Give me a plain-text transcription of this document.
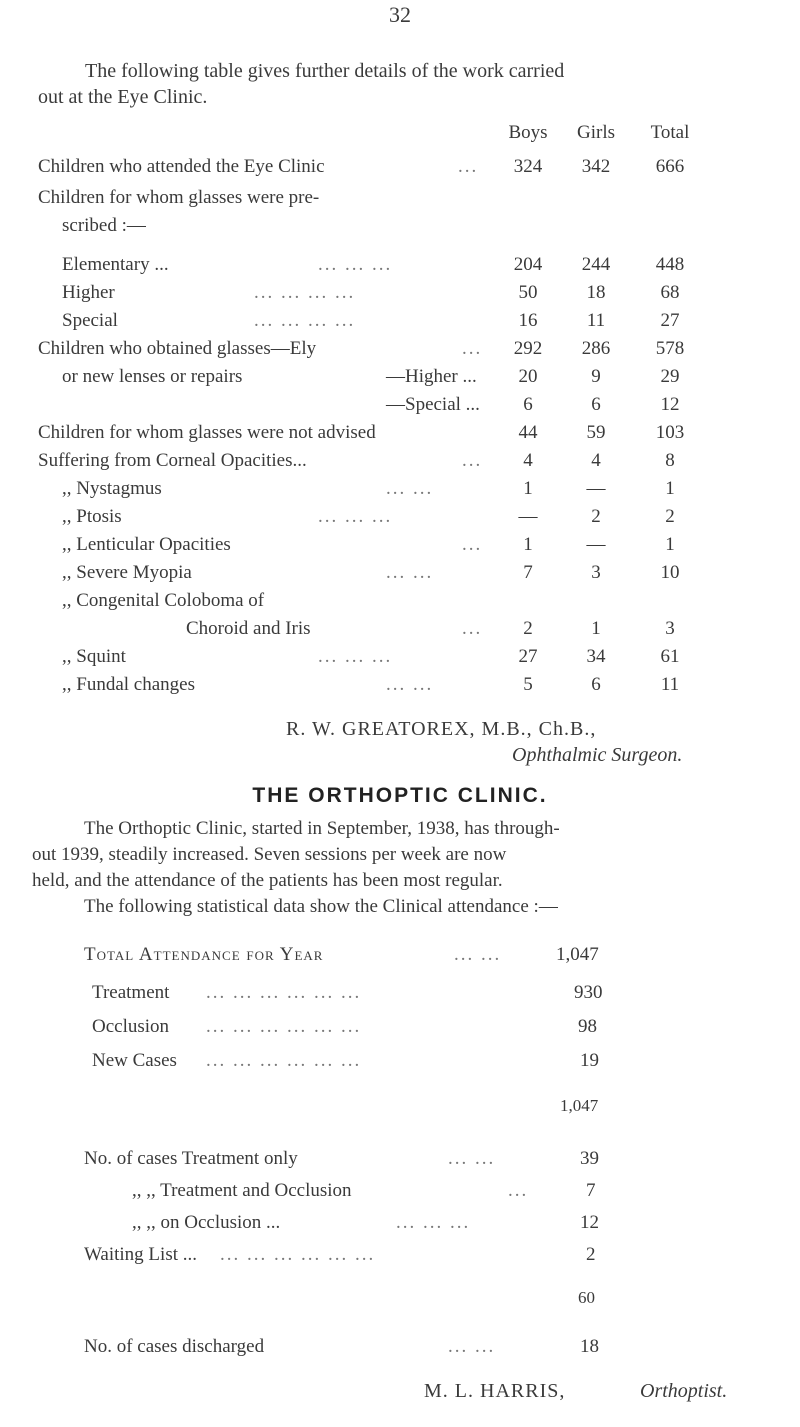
32
The following table gives further details of the work carried
out at the Eye Clinic.
Boys Girls	Total
Children who attended the Eye Clinic	...	324	342	666
Children for whom glasses were pre-
scribed :—
Elementary ...	... ... ...	204	244	448
Higher	... ... ... ...	50	18	68
Special	... ... ... ...	16	11	27
Children who obtained glasses—Ely	...	292	286	578
or new lenses or repairs	—Higher ...	20	9	29
—Special ...	6	6	12
Children for whom glasses were not advised	44	59	103
Suffering from Corneal Opacities...	...	4	4	8
,, Nystagmus	... ...	1	—	1
,, Ptosis	... ... ...	—	2	2
,, Lenticular Opacities	...	1	—	1
,, Severe Myopia	... ...	7	3	10
,, Congenital Coloboma of
Choroid and Iris	...	2	1	3
,, Squint	... ... ...	27	34	61
,, Fundal changes	... ...	5	6	11
R. W. GREATOREX, M.B., Ch.B.,
Ophthalmic Surgeon.
THE ORTHOPTIC CLINIC.
The Orthoptic Clinic, started in September, 1938, has through-
out 1939, steadily increased. Seven sessions per week are now
held, and the attendance of the patients has been most regular.
The following statistical data show the Clinical attendance :—
Total Attendance for Year	... ...	1,047
Treatment ... ... ... ... ... ...	930
Occlusion ... ... ... ... ... ...	98
New Cases ... ... ... ... ... ...	19
1,047
No. of cases Treatment only	... ...	39
,, ,, Treatment and Occlusion	...	7
,, ,, on Occlusion ...	... ... ...	12
Waiting List ... ... ... ... ... ... ...	2
60
No. of cases discharged	... ...	18
M. L. HARRIS,	Orthoptist.
